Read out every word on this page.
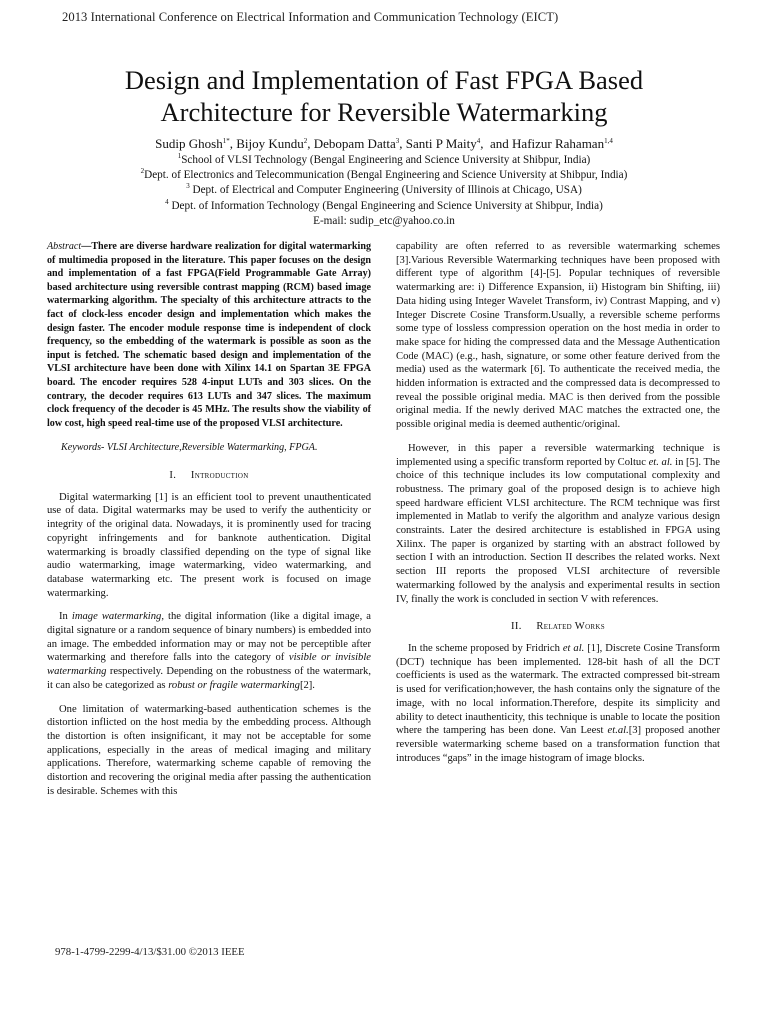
2013 International Conference on Electrical Information and Communication Technology (EICT)
Design and Implementation of Fast FPGA Based
Architecture for Reversible Watermarking
Sudip Ghosh$^{1*}$, Bijoy Kundu$^2$, Debopam Datta$^3$, Santi P Maity$^4$,  and Hafizur Rahaman$^{1,4}$
$^1$School of VLSI Technology (Bengal Engineering and Science University at Shibpur, India)
$^2$Dept. of Electronics and Telecommunication (Bengal Engineering and Science University at Shibpur, India)
$^3$ Dept. of Electrical and Computer Engineering (University of Illinois at Chicago, USA)
$^4$ Dept. of Information Technology (Bengal Engineering and Science University at Shibpur, India)
E-mail: sudip_etc@yahoo.co.in
Abstract—There are diverse hardware realization for digital watermarking of multimedia proposed in the literature. This paper focuses on the design and implementation of a fast FPGA(Field Programmable Gate Array) based architecture using reversible contrast mapping (RCM) based image watermarking algorithm. The specialty of this architecture attracts to the fact of clock-less encoder design and implementation which makes the design faster. The encoder module response time is independent of clock frequency, so the embedding of the watermark is possible as soon as the input is fetched. The schematic based design and implementation of the VLSI architecture have been done with Xilinx 14.1 on Spartan 3E FPGA board. The encoder requires 528 4-input LUTs and 303 slices. On the contrary, the decoder requires 613 LUTs and 347 slices. The maximum clock frequency of the decoder is 45 MHz. The results show the viability of low cost, high speed real-time use of the proposed VLSI architecture.
Keywords- VLSI Architecture,Reversible Watermarking, FPGA.
I. Introduction

Digital watermarking [1] is an efficient tool to prevent unauthenticated use of data. Digital watermarks may be used to verify the authenticity or integrity of the original data. Nowadays, it is prominently used for tracing copyright infringements and for banknote authentication. Digital watermarking is broadly classified depending on the type of signal like audio watermarking, image watermarking, video watermarking, and database watermarking etc. The present work is focused on image watermarking.

In image watermarking, the digital information (like a digital image, a digital signature or a random sequence of binary numbers) is embedded into an image. The embedded information may or may not be perceptible after watermarking and therefore falls into the category of visible or invisible watermarking respectively. Depending on the robustness of the watermark, it can also be categorized as robust or fragile watermarking[2].

One limitation of watermarking-based authentication schemes is the distortion inflicted on the host media by the embedding process. Although the distortion is often insignificant, it may not be acceptable for some applications, especially in the areas of medical imaging and military applications. Therefore, watermarking scheme capable of removing the distortion and recovering the original media after passing the authentication is desirable. Schemes with this

capability are often referred to as reversible watermarking schemes [3].Various Reversible Watermarking techniques have been proposed with different type of algorithm [4]-[5]. Popular techniques of reversible watermarking are: i) Difference Expansion, ii) Histogram bin Shifting, iii) Data hiding using Integer Wavelet Transform, iv) Contrast Mapping, and v) Integer Discrete Cosine Transform.Usually, a reversible scheme performs some type of lossless compression operation on the host media in order to make space for hiding the compressed data and the Message Authentication Code (MAC) (e.g., hash, signature, or some other feature derived from the media) used as the watermark [6]. To authenticate the received media, the hidden information is extracted and the compressed data is decompressed to reveal the possible original media. MAC is then derived from the possible original media. If the newly derived MAC matches the extracted one, the possible original media is deemed authentic/original.

However, in this paper a reversible watermarking technique is implemented using a specific transform reported by Coltuc et. al. in [5]. The choice of this technique includes its low computational complexity and robustness. The primary goal of the proposed design is to achieve high speed hardware efficient VLSI architecture. The RCM technique was first implemented in Matlab to verify the algorithm and analyze various design constraints. Later the desired architecture is established in FPGA using Xilinx. The paper is organized by starting with an abstract followed by section I with an introduction. Section II describes the related works. Next section III reports the proposed VLSI architecture of reversible watermarking followed by the analysis and experimental results in section IV, finally the work is concluded in section V with references.

II. Related Works

In the scheme proposed by Fridrich et al. [1], Discrete Cosine Transform (DCT) technique has been implemented. 128-bit hash of all the DCT coefficients is used as the watermark. The extracted compressed bit-stream is used for verification;however, the hash contains only the signature of the image, with no local information.Therefore, despite its simplicity and ability to detect inauthenticity, this technique is unable to locate the position where the tampering has been done. Van Leest et.al.[3] proposed another reversible watermarking scheme based on a transformation function that introduces “gaps” in the image histogram of image blocks.

978-1-4799-2299-4/13/$31.00 ©2013 IEEE
